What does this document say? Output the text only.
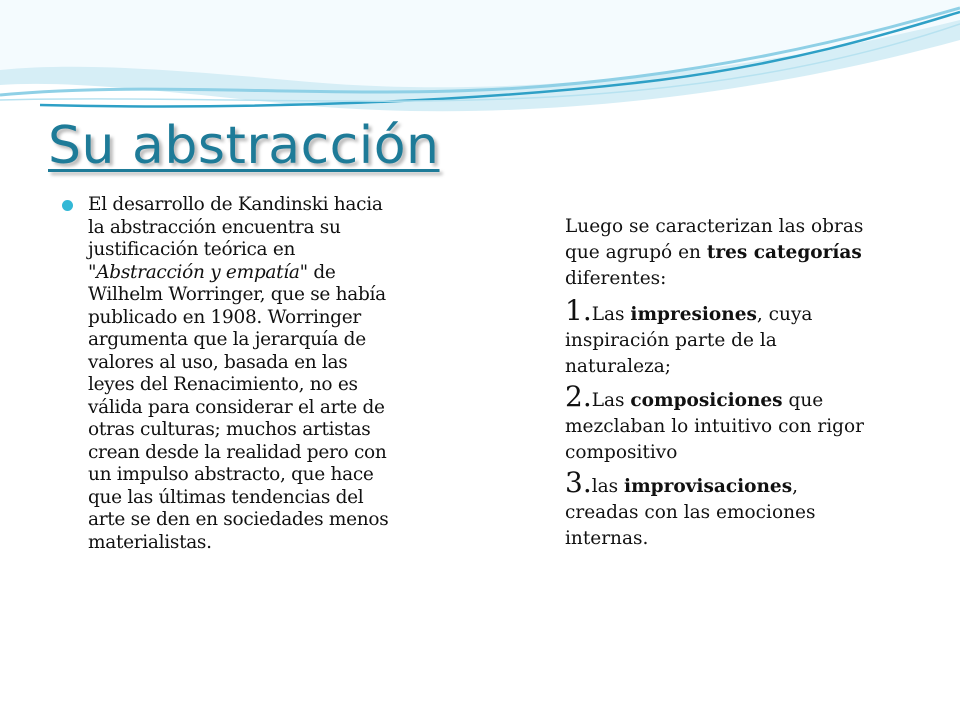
Su abstracción
El desarrollo de Kandinski hacia la abstracción encuentra su justificación teórica en "Abstracción y empatía" de Wilhelm Worringer, que se había publicado en 1908. Worringer argumenta que la jerarquía de valores al uso, basada en las leyes del Renacimiento, no es válida para considerar el arte de otras culturas; muchos artistas crean desde la realidad pero con un impulso abstracto, que hace que las últimas tendencias del arte se den en sociedades menos materialistas.

Luego se caracterizan las obras que agrupó en tres categorías diferentes:

1.Las impresiones, cuya inspiración parte de la naturaleza;

2.Las composiciones que mezclaban lo intuitivo con rigor compositivo

3.las improvisaciones, creadas con las emociones internas.
